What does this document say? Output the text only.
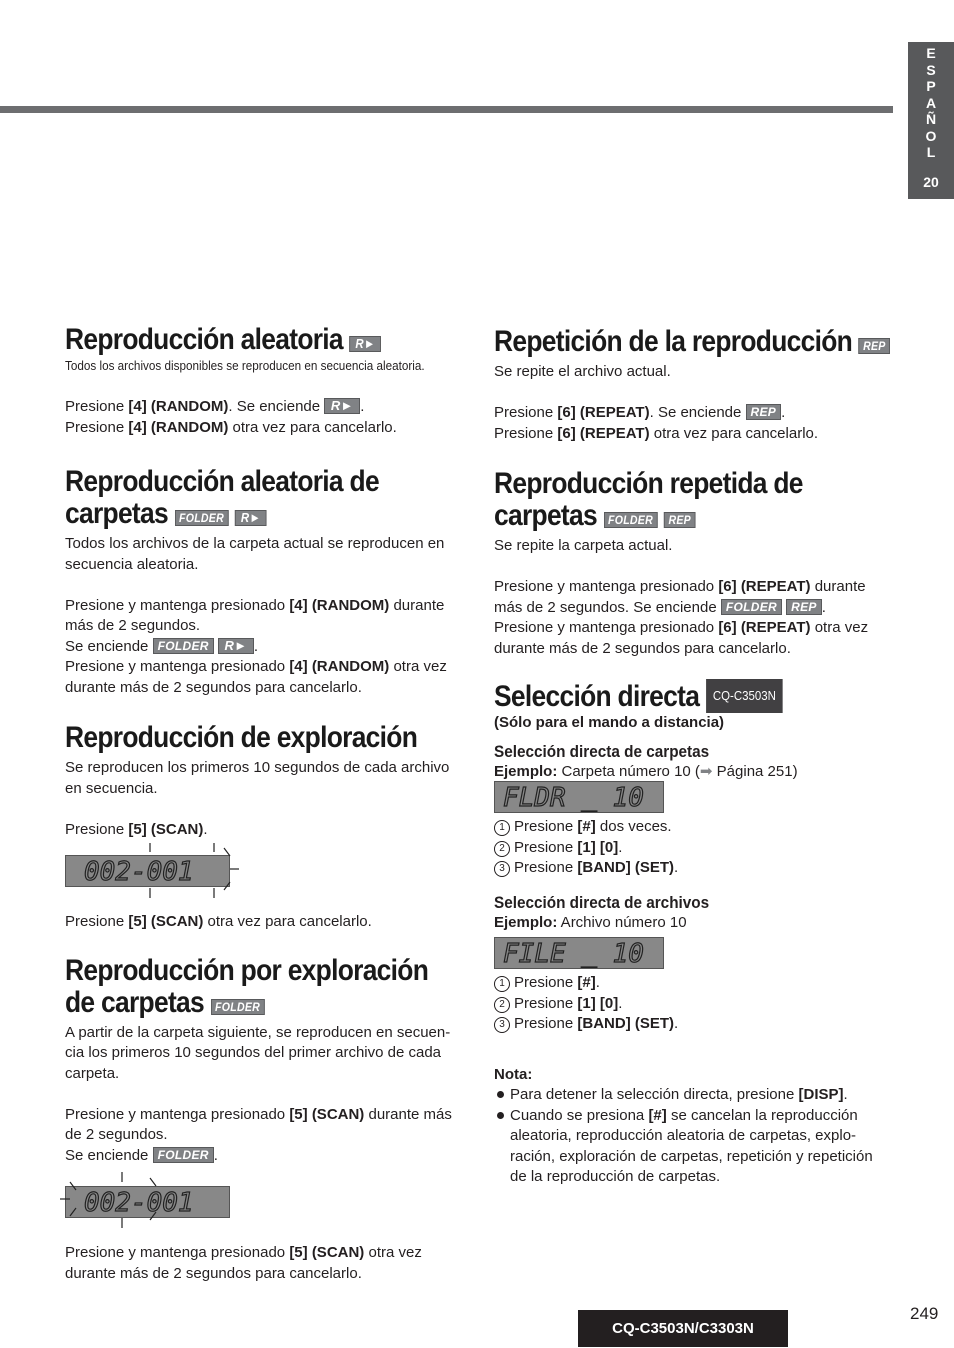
E
S
P
A
Ñ
O
L
20
Reproducción aleatoria R►

Todos los archivos disponibles se reproducen en secuencia aleatoria.

Presione [4] (RANDOM). Se enciende R► .

Presione [4] (RANDOM) otra vez para cancelarlo.

Reproducción aleatoria de
carpetas FOLDER R►

Todos los archivos de la carpeta actual se reproducen en

secuencia aleatoria.

Presione y mantenga presionado [4] (RANDOM) durante

más de 2 segundos.

Se enciende FOLDER R► .

Presione y mantenga presionado [4] (RANDOM) otra vez

durante más de 2 segundos para cancelarlo.

Reproducción de exploración

Se reproducen los primeros 10 segundos de cada archivo

en secuencia.

Presione [5] (SCAN).

002-001

Presione [5] (SCAN) otra vez para cancelarlo.

Reproducción por exploración
de carpetas FOLDER

A partir de la carpeta siguiente, se reproducen en secuen-

cia los primeros 10 segundos del primer archivo de cada

carpeta.

Presione y mantenga presionado [5] (SCAN) durante más

de 2 segundos.

Se enciende FOLDER .

002-001

Presione y mantenga presionado [5] (SCAN) otra vez

durante más de 2 segundos para cancelarlo.

Repetición de la reproducción REP

Se repite el archivo actual.

Presione [6] (REPEAT). Se enciende REP .

Presione [6] (REPEAT) otra vez para cancelarlo.

Reproducción repetida de
carpetas FOLDER REP

Se repite la carpeta actual.

Presione y mantenga presionado [6] (REPEAT) durante

más de 2 segundos. Se enciende FOLDER REP .

Presione y mantenga presionado [6] (REPEAT) otra vez

durante más de 2 segundos para cancelarlo.

Selección directa CQ-C3503N

(Sólo para el mando a distancia)

Selección directa de carpetas

Ejemplo: Carpeta número 10 (➡ Página 251)

FLDR _ 10

1 Presione [#] dos veces.

2 Presione [1] [0].

3 Presione [BAND] (SET).

Selección directa de archivos

Ejemplo: Archivo número 10

FILE _ 10

1 Presione [#].

2 Presione [1] [0].

3 Presione [BAND] (SET).

Nota:

Para detener la selección directa, presione [DISP].

Cuando se presiona [#] se cancelan la reproducción

aleatoria, reproducción aleatoria de carpetas, explo-

ración, exploración de carpetas, repetición y repetición

de la reproducción de carpetas.

249
CQ-C3503N/C3303N
